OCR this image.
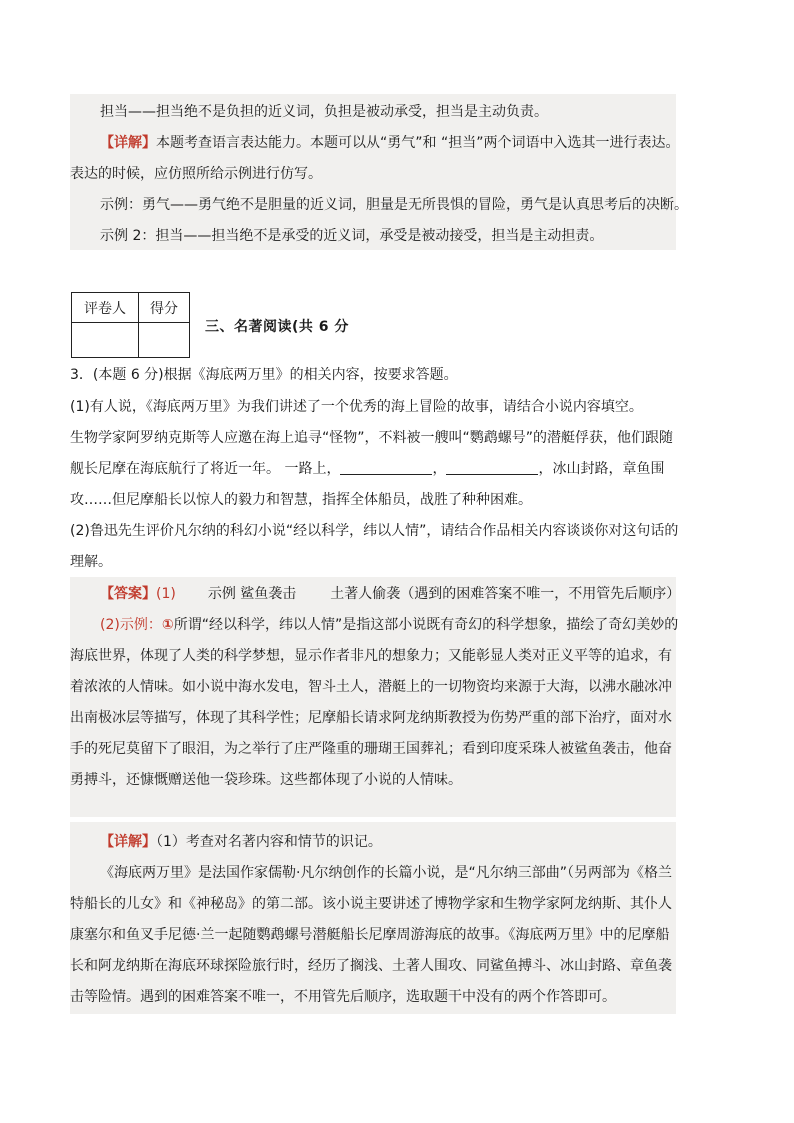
担当——担当绝不是负担的近义词，负担是被动承受，担当是主动负责。
【详解】本题考查语言表达能力。本题可以从“勇气”和 “担当”两个词语中入选其一进行表达。
表达的时候，应仿照所给示例进行仿写。
示例：勇气——勇气绝不是胆量的近义词，胆量是无所畏惧的冒险，勇气是认真思考后的决断。
示例 2：担当——担当绝不是承受的近义词，承受是被动接受，担当是主动担责。
评卷人	得分

三、名著阅读(共 6 分
3．(本题 6 分)根据《海底两万里》的相关内容，按要求答题。
(1)有人说，《海底两万里》为我们讲述了一个优秀的海上冒险的故事，请结合小说内容填空。
生物学家阿罗纳克斯等人应邀在海上追寻“怪物”，不料被一艘叫“鹦鹉螺号”的潜艇俘获，他们跟随
舰长尼摩在海底航行了将近一年。 一路上，	，	，冰山封路，章鱼围
攻……但尼摩船长以惊人的毅力和智慧，指挥全体船员，战胜了种种困难。
(2)鲁迅先生评价凡尔纳的科幻小说“经以科学，纬以人情”，请结合作品相关内容谈谈你对这句话的
理解。
【答案】(1) 示例 鲨鱼袭击 土著人偷袭（遇到的困难答案不唯一，不用管先后顺序）
(2)示例：①所谓“经以科学，纬以人情”是指这部小说既有奇幻的科学想象，描绘了奇幻美妙的
海底世界，体现了人类的科学梦想，显示作者非凡的想象力；又能彰显人类对正义平等的追求，有
着浓浓的人情味。如小说中海水发电，智斗土人，潜艇上的一切物资均来源于大海，以沸水融冰冲
出南极冰层等描写，体现了其科学性；尼摩船长请求阿龙纳斯教授为伤势严重的部下治疗，面对水
手的死尼莫留下了眼泪，为之举行了庄严隆重的珊瑚王国葬礼；看到印度采珠人被鲨鱼袭击，他奋
勇搏斗，还慷慨赠送他一袋珍珠。这些都体现了小说的人情味。
【详解】（1）考查对名著内容和情节的识记。
《海底两万里》是法国作家儒勒·凡尔纳创作的长篇小说，是“凡尔纳三部曲”（另两部为《格兰
特船长的儿女》和《神秘岛》的第二部。该小说主要讲述了博物学家和生物学家阿龙纳斯、其仆人
康塞尔和鱼叉手尼德·兰一起随鹦鹉螺号潜艇船长尼摩周游海底的故事。《海底两万里》中的尼摩船
长和阿龙纳斯在海底环球探险旅行时，经历了搁浅、土著人围攻、同鲨鱼搏斗、冰山封路、章鱼袭
击等险情。遇到的困难答案不唯一，不用管先后顺序，选取题干中没有的两个作答即可。
